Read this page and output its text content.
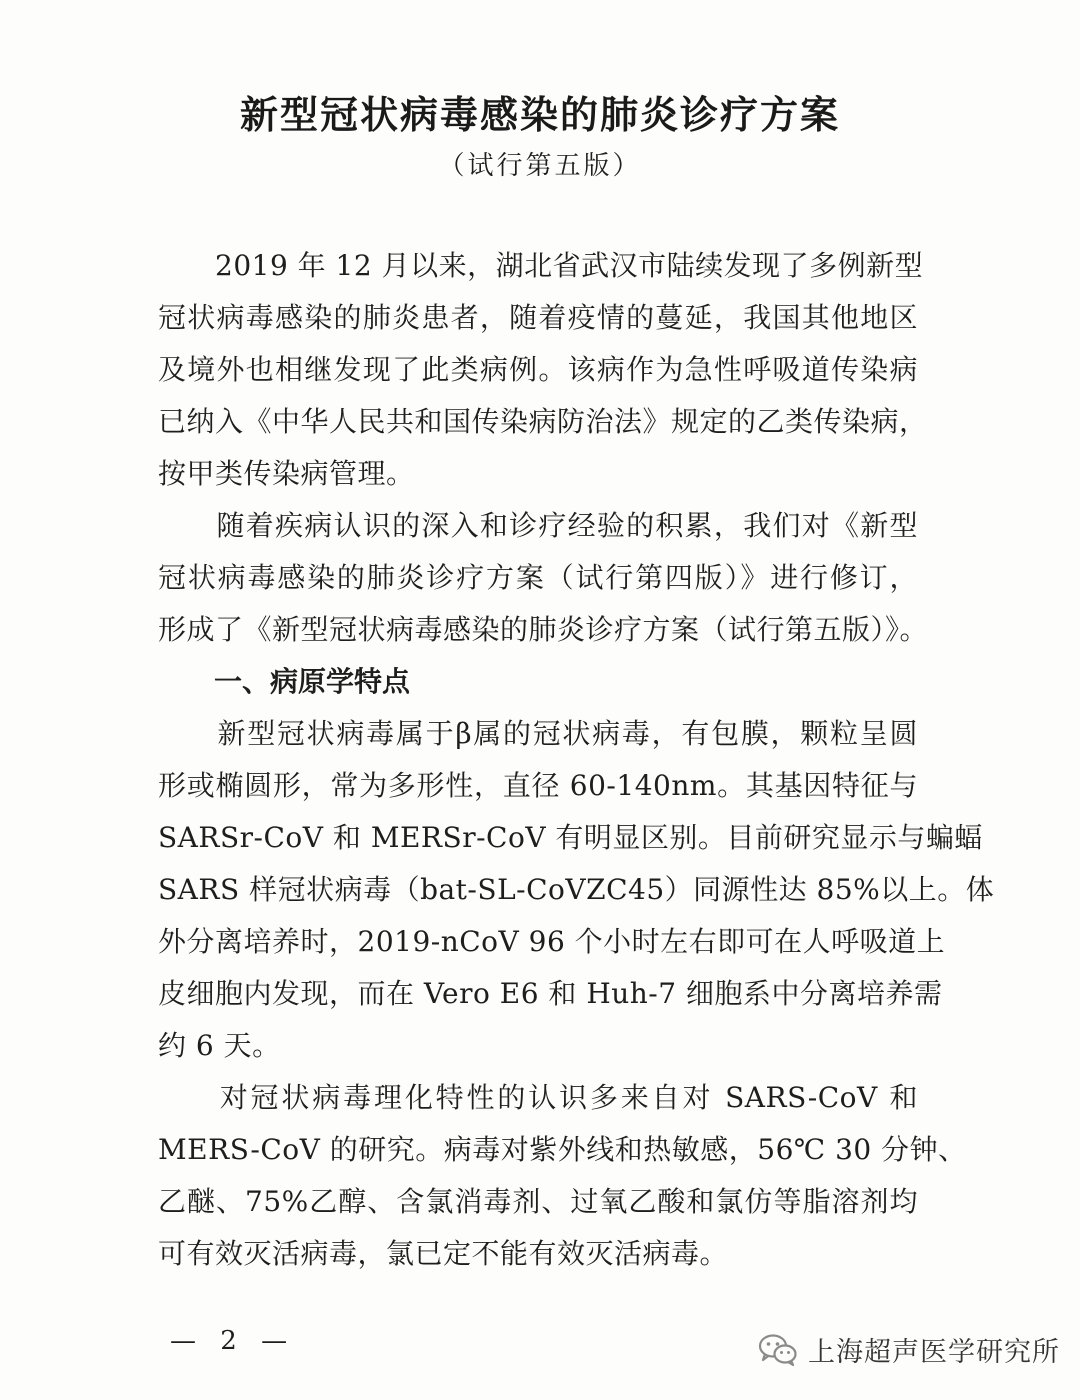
新型冠状病毒感染的肺炎诊疗方案
（试行第五版）
　　2019 年 12 月以来，湖北省武汉市陆续发现了多例新型
冠状病毒感染的肺炎患者，随着疫情的蔓延，我国其他地区
及境外也相继发现了此类病例。该病作为急性呼吸道传染病
已纳入《中华人民共和国传染病防治法》规定的乙类传染病，
按甲类传染病管理。
　　随着疾病认识的深入和诊疗经验的积累，我们对《新型
冠状病毒感染的肺炎诊疗方案（试行第四版）》进行修订，
形成了《新型冠状病毒感染的肺炎诊疗方案（试行第五版）》。
一、病原学特点
　　新型冠状病毒属于β属的冠状病毒，有包膜，颗粒呈圆
形或椭圆形，常为多形性，直径 60-140nm。其基因特征与
SARSr-CoV 和 MERSr-CoV 有明显区别。目前研究显示与蝙蝠
SARS 样冠状病毒（bat-SL-CoVZC45）同源性达 85%以上。体
外分离培养时，2019-nCoV 96 个小时左右即可在人呼吸道上
皮细胞内发现，而在 Vero E6 和 Huh-7 细胞系中分离培养需
约 6 天。
　　对冠状病毒理化特性的认识多来自对 SARS-CoV 和
MERS-CoV 的研究。病毒对紫外线和热敏感，56℃ 30 分钟、
乙醚、75%乙醇、含氯消毒剂、过氧乙酸和氯仿等脂溶剂均
可有效灭活病毒，氯已定不能有效灭活病毒。
— 2 —	上海超声医学研究所
